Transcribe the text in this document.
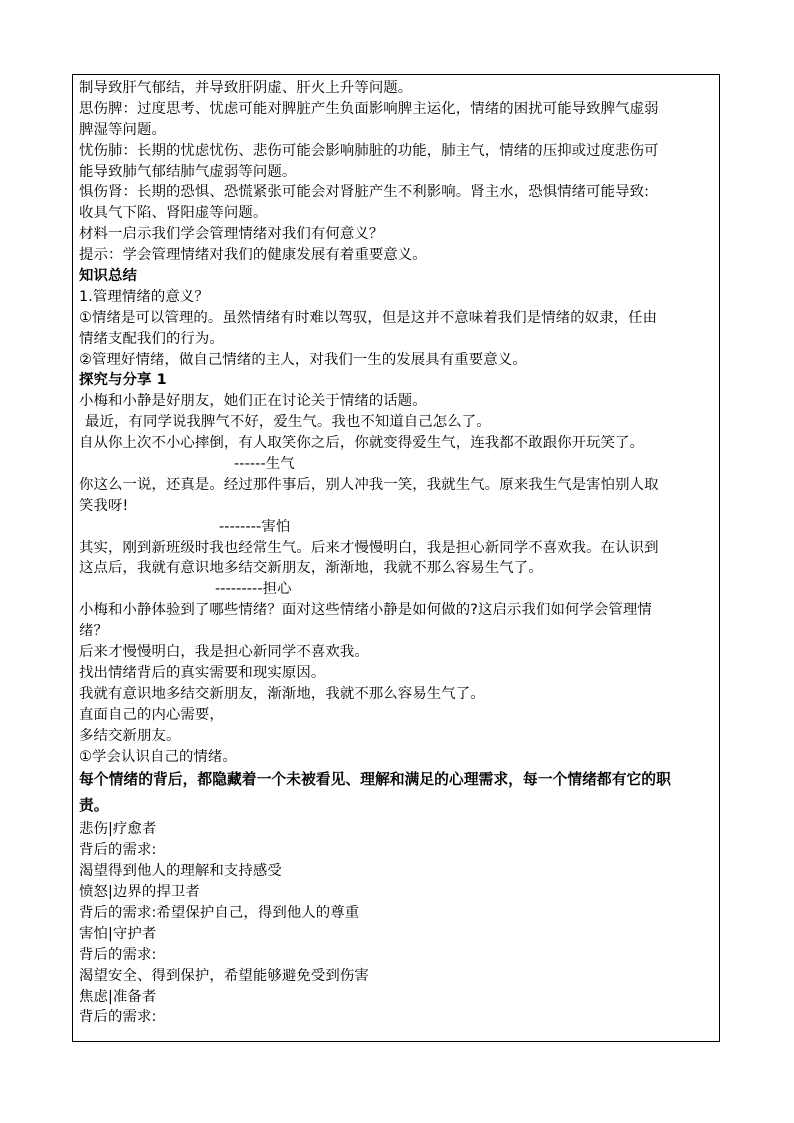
制导致肝气郁结，并导致肝阴虚、肝火上升等问题。
思伤脾：过度思考、忧虑可能对脾脏产生负面影响脾主运化，情绪的困扰可能导致脾气虚弱
脾湿等问题。
忧伤肺：长期的忧虑忧伤、悲伤可能会影响肺脏的功能，肺主气，情绪的压抑或过度悲伤可
能导致肺气郁结肺气虚弱等问题。
惧伤肾：长期的恐惧、恐慌紧张可能会对肾脏产生不利影响。肾主水，恐惧情绪可能导致:
收具气下陷、肾阳虚等问题。
材料一启示我们学会管理情绪对我们有何意义？
提示：学会管理情绪对我们的健康发展有着重要意义。
知识总结
1.管理情绪的意义？
①情绪是可以管理的。虽然情绪有时难以驾驭，但是这并不意味着我们是情绪的奴隶，任由
情绪支配我们的行为。
②管理好情绪，做自己情绪的主人，对我们一生的发展具有重要意义。
探究与分享 1
小梅和小静是好朋友，她们正在讨论关于情绪的话题。
最近，有同学说我脾气不好，爱生气。我也不知道自己怎么了。
自从你上次不小心摔倒，有人取笑你之后，你就变得爱生气，连我都不敢跟你开玩笑了。
------生气
你这么一说，还真是。经过那件事后，别人冲我一笑，我就生气。原来我生气是害怕别人取
笑我呀!
--------害怕
其实，刚到新班级时我也经常生气。后来才慢慢明白，我是担心新同学不喜欢我。在认识到
这点后，我就有意识地多结交新朋友，渐渐地，我就不那么容易生气了。
---------担心
小梅和小静体验到了哪些情绪？面对这些情绪小静是如何做的?这启示我们如何学会管理情
绪？
后来才慢慢明白，我是担心新同学不喜欢我。
找出情绪背后的真实需要和现实原因。
我就有意识地多结交新朋友，渐渐地，我就不那么容易生气了。
直面自己的内心需要，
多结交新朋友。
①学会认识自己的情绪。
每个情绪的背后，都隐藏着一个未被看见、理解和满足的心理需求，每一个情绪都有它的职
责。
悲伤|疗愈者
背后的需求:
渴望得到他人的理解和支持感受
愤怒|边界的捍卫者
背后的需求:希望保护自己，得到他人的尊重
害怕|守护者
背后的需求:
渴望安全、得到保护，希望能够避免受到伤害
焦虑|准备者
背后的需求:
